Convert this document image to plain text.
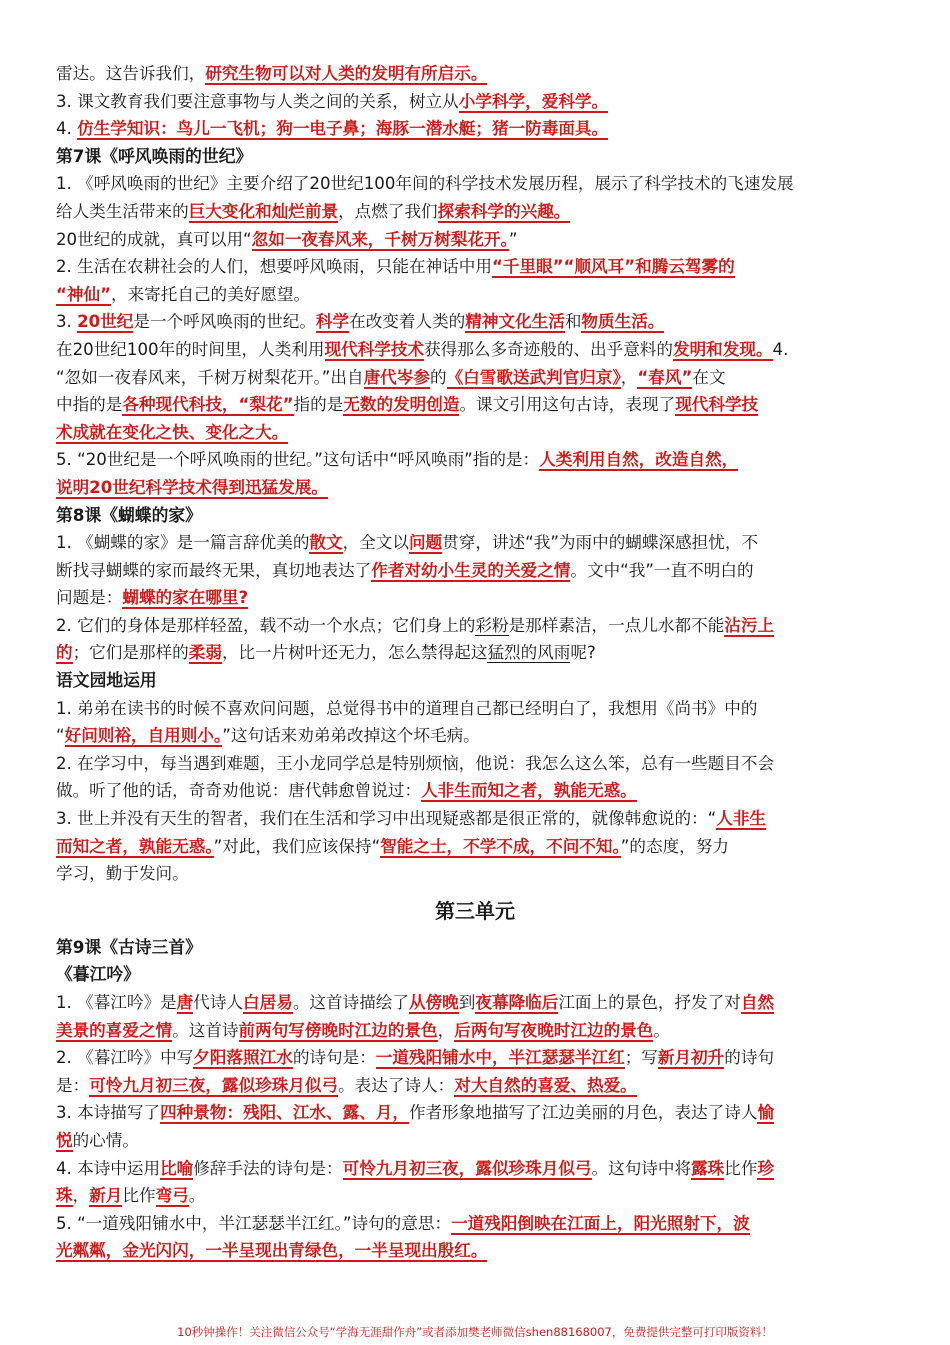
雷达。这告诉我们，研究生物可以对人类的发明有所启示。
3. 课文教育我们要注意事物与人类之间的关系，树立从小学科学，爱科学。
4. 仿生学知识：鸟儿一飞机；狗一电子鼻；海豚一潜水艇；猪一防毒面具。
第7课《呼风唤雨的世纪》
1. 《呼风唤雨的世纪》主要介绍了20世纪100年间的科学技术发展历程，展示了科学技术的飞速发展
给人类生活带来的巨大变化和灿烂前景，点燃了我们探索科学的兴趣。
20世纪的成就，真可以用“忽如一夜春风来，千树万树梨花开。”
2. 生活在农耕社会的人们，想要呼风唤雨，只能在神话中用“千里眼”“顺风耳”和腾云驾雾的
“神仙”，来寄托自己的美好愿望。
3. 20世纪是一个呼风唤雨的世纪。科学在改变着人类的精神文化生活和物质生活。
在20世纪100年的时间里，人类利用现代科学技术获得那么多奇迹般的、出乎意料的发明和发现。4.
“忽如一夜春风来，千树万树梨花开。”出自唐代岑参的《白雪歌送武判官归京》，“春风”在文
中指的是各种现代科技，“梨花”指的是无数的发明创造。课文引用这句古诗，表现了现代科学技
术成就在变化之快、变化之大。
5. “20世纪是一个呼风唤雨的世纪。”这句话中“呼风唤雨”指的是：人类利用自然，改造自然，
说明20世纪科学技术得到迅猛发展。
第8课《蝴蝶的家》
1. 《蝴蝶的家》是一篇言辞优美的散文，全文以问题贯穿，讲述“我”为雨中的蝴蝶深感担忧，不
断找寻蝴蝶的家而最终无果，真切地表达了作者对幼小生灵的关爱之情。文中“我”一直不明白的
问题是：蝴蝶的家在哪里?
2. 它们的身体是那样轻盈，载不动一个水点；它们身上的彩粉是那样素洁，一点儿水都不能沾污上
的；它们是那样的柔弱，比一片树叶还无力，怎么禁得起这猛烈的风雨呢?
语文园地运用
1. 弟弟在读书的时候不喜欢问问题，总觉得书中的道理自己都已经明白了，我想用《尚书》中的
“好问则裕，自用则小。”这句话来劝弟弟改掉这个坏毛病。
2. 在学习中，每当遇到难题，王小龙同学总是特别烦恼，他说：我怎么这么笨，总有一些题目不会
做。听了他的话，奇奇劝他说：唐代韩愈曾说过：人非生而知之者，孰能无惑。
3. 世上并没有天生的智者，我们在生活和学习中出现疑惑都是很正常的，就像韩愈说的：“人非生
而知之者，孰能无惑。”对此，我们应该保持“智能之士，不学不成，不问不知。”的态度，努力
学习，勤于发问。
第三单元
第9课《古诗三首》
《暮江吟》
1. 《暮江吟》是唐代诗人白居易。这首诗描绘了从傍晚到夜幕降临后江面上的景色，抒发了对自然
美景的喜爱之情。这首诗前两句写傍晚时江边的景色，后两句写夜晚时江边的景色。
2. 《暮江吟》中写夕阳落照江水的诗句是：一道残阳铺水中，半江瑟瑟半江红；写新月初升的诗句
是：可怜九月初三夜，露似珍珠月似弓。表达了诗人：对大自然的喜爱、热爱。
3. 本诗描写了四种景物：残阳、江水、露、月，作者形象地描写了江边美丽的月色，表达了诗人愉
悦的心情。
4. 本诗中运用比喻修辞手法的诗句是：可怜九月初三夜，露似珍珠月似弓。这句诗中将露珠比作珍
珠，新月比作弯弓。
5. “一道残阳铺水中，半江瑟瑟半江红。”诗句的意思：一道残阳倒映在江面上，阳光照射下，波
光粼粼，金光闪闪，一半呈现出青绿色，一半呈现出殷红。
10秒钟操作！关注微信公众号“学海无涯甜作舟”或者添加樊老师微信shen88168007，免费提供完整可打印版资料！
